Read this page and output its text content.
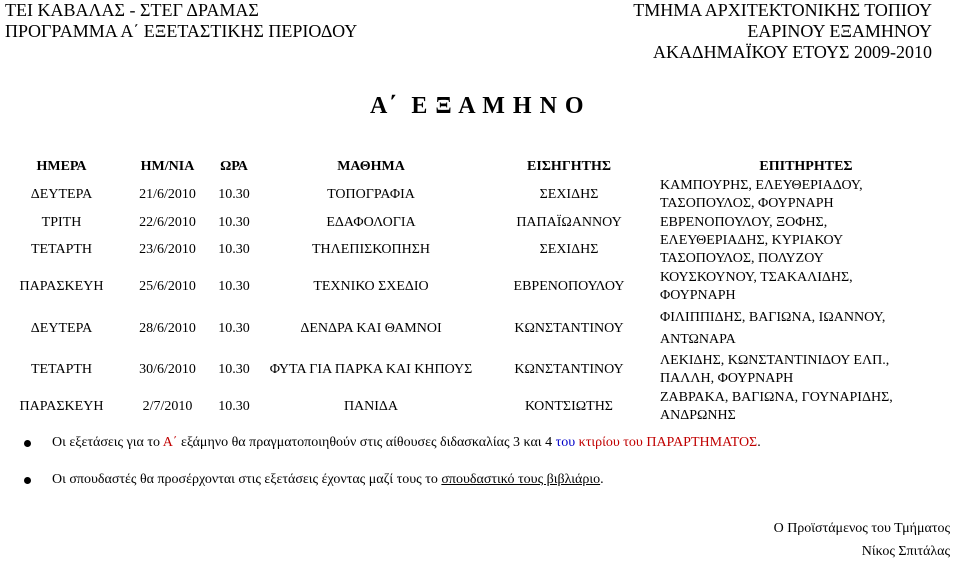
ΤΕΙ ΚΑΒΑΛΑΣ - ΣΤΕΓ ΔΡΑΜΑΣ
ΠΡΟΓΡΑΜΜΑ Α΄ ΕΞΕΤΑΣΤΙΚΗΣ ΠΕΡΙΟΔΟΥ
ΤΜΗΜΑ ΑΡΧΙΤΕΚΤΟΝΙΚΗΣ ΤΟΠΙΟΥ
ΕΑΡΙΝΟΥ ΕΞΑΜΗΝΟΥ
ΑΚΑΔΗΜΑΪΚΟΥ ΕΤΟΥΣ 2009-2010
Α΄  Ε Ξ Α Μ Η Ν Ο
ΗΜΕΡΑ	ΗΜ/ΝΙΑ	ΩΡΑ	ΜΑΘΗΜΑ	ΕΙΣΗΓΗΤΗΣ	ΕΠΙΤΗΡΗΤΕΣ
ΔΕΥΤΕΡΑ	21/6/2010	10.30	ΤΟΠΟΓΡΑΦΙΑ	ΣΕΧΙΔΗΣ	ΚΑΜΠΟΥΡΗΣ, ΕΛΕΥΘΕΡΙΑΔΟΥ,
ΤΑΣΟΠΟΥΛΟΣ, ΦΟΥΡΝΑΡΗ

ΤΡΙΤΗ	22/6/2010	10.30	ΕΔΑΦΟΛΟΓΙΑ	ΠΑΠΑΪΩΑΝΝΟΥ	ΕΒΡΕΝΟΠΟΥΛΟΥ, ΞΟΦΗΣ,

ΤΕΤΑΡΤΗ	23/6/2010	10.30	ΤΗΛΕΠΙΣΚΟΠΗΣΗ	ΣΕΧΙΔΗΣ	ΕΛΕΥΘΕΡΙΑΔΗΣ, ΚΥΡΙΑΚΟΥ
ΤΑΣΟΠΟΥΛΟΣ, ΠΟΛΥΖΟΥ

ΠΑΡΑΣΚΕΥΗ	25/6/2010	10.30	ΤΕΧΝΙΚΟ ΣΧΕΔΙΟ	ΕΒΡΕΝΟΠΟΥΛΟΥ	ΚΟΥΣΚΟΥΝΟΥ, ΤΣΑΚΑΛΙΔΗΣ,
ΦΟΥΡΝΑΡΗ

ΔΕΥΤΕΡΑ	28/6/2010	10.30	ΔΕΝΔΡΑ ΚΑΙ ΘΑΜΝΟΙ	ΚΩΝΣΤΑΝΤΙΝΟΥ	ΦΙΛΙΠΠΙΔΗΣ, ΒΑΓΙΩΝΑ, ΙΩΑΝΝΟΥ,
ΑΝΤΩΝΑΡΑ

ΤΕΤΑΡΤΗ	30/6/2010	10.30	ΦΥΤΑ ΓΙΑ ΠΑΡΚΑ ΚΑΙ ΚΗΠΟΥΣ	ΚΩΝΣΤΑΝΤΙΝΟΥ	ΛΕΚΙΔΗΣ, ΚΩΝΣΤΑΝΤΙΝΙΔΟΥ ΕΛΠ.,
ΠΑΛΛΗ, ΦΟΥΡΝΑΡΗ

ΠΑΡΑΣΚΕΥΗ	2/7/2010	10.30	ΠΑΝΙΔΑ	ΚΟΝΤΣΙΩΤΗΣ	ΖΑΒΡΑΚΑ, ΒΑΓΙΩΝΑ, ΓΟΥΝΑΡΙΔΗΣ,
ΑΝΔΡΩΝΗΣ
Οι εξετάσεις για το Α΄ εξάμηνο θα πραγματοποιηθούν στις αίθουσες διδασκαλίας 3 και 4 του κτιρίου του ΠΑΡΑΡΤΗΜΑΤΟΣ.
Οι σπουδαστές θα προσέρχονται στις εξετάσεις έχοντας μαζί τους το σπουδαστικό τους βιβλιάριο.
Ο Προϊστάμενος του Τμήματος
Νίκος Σπιτάλας
